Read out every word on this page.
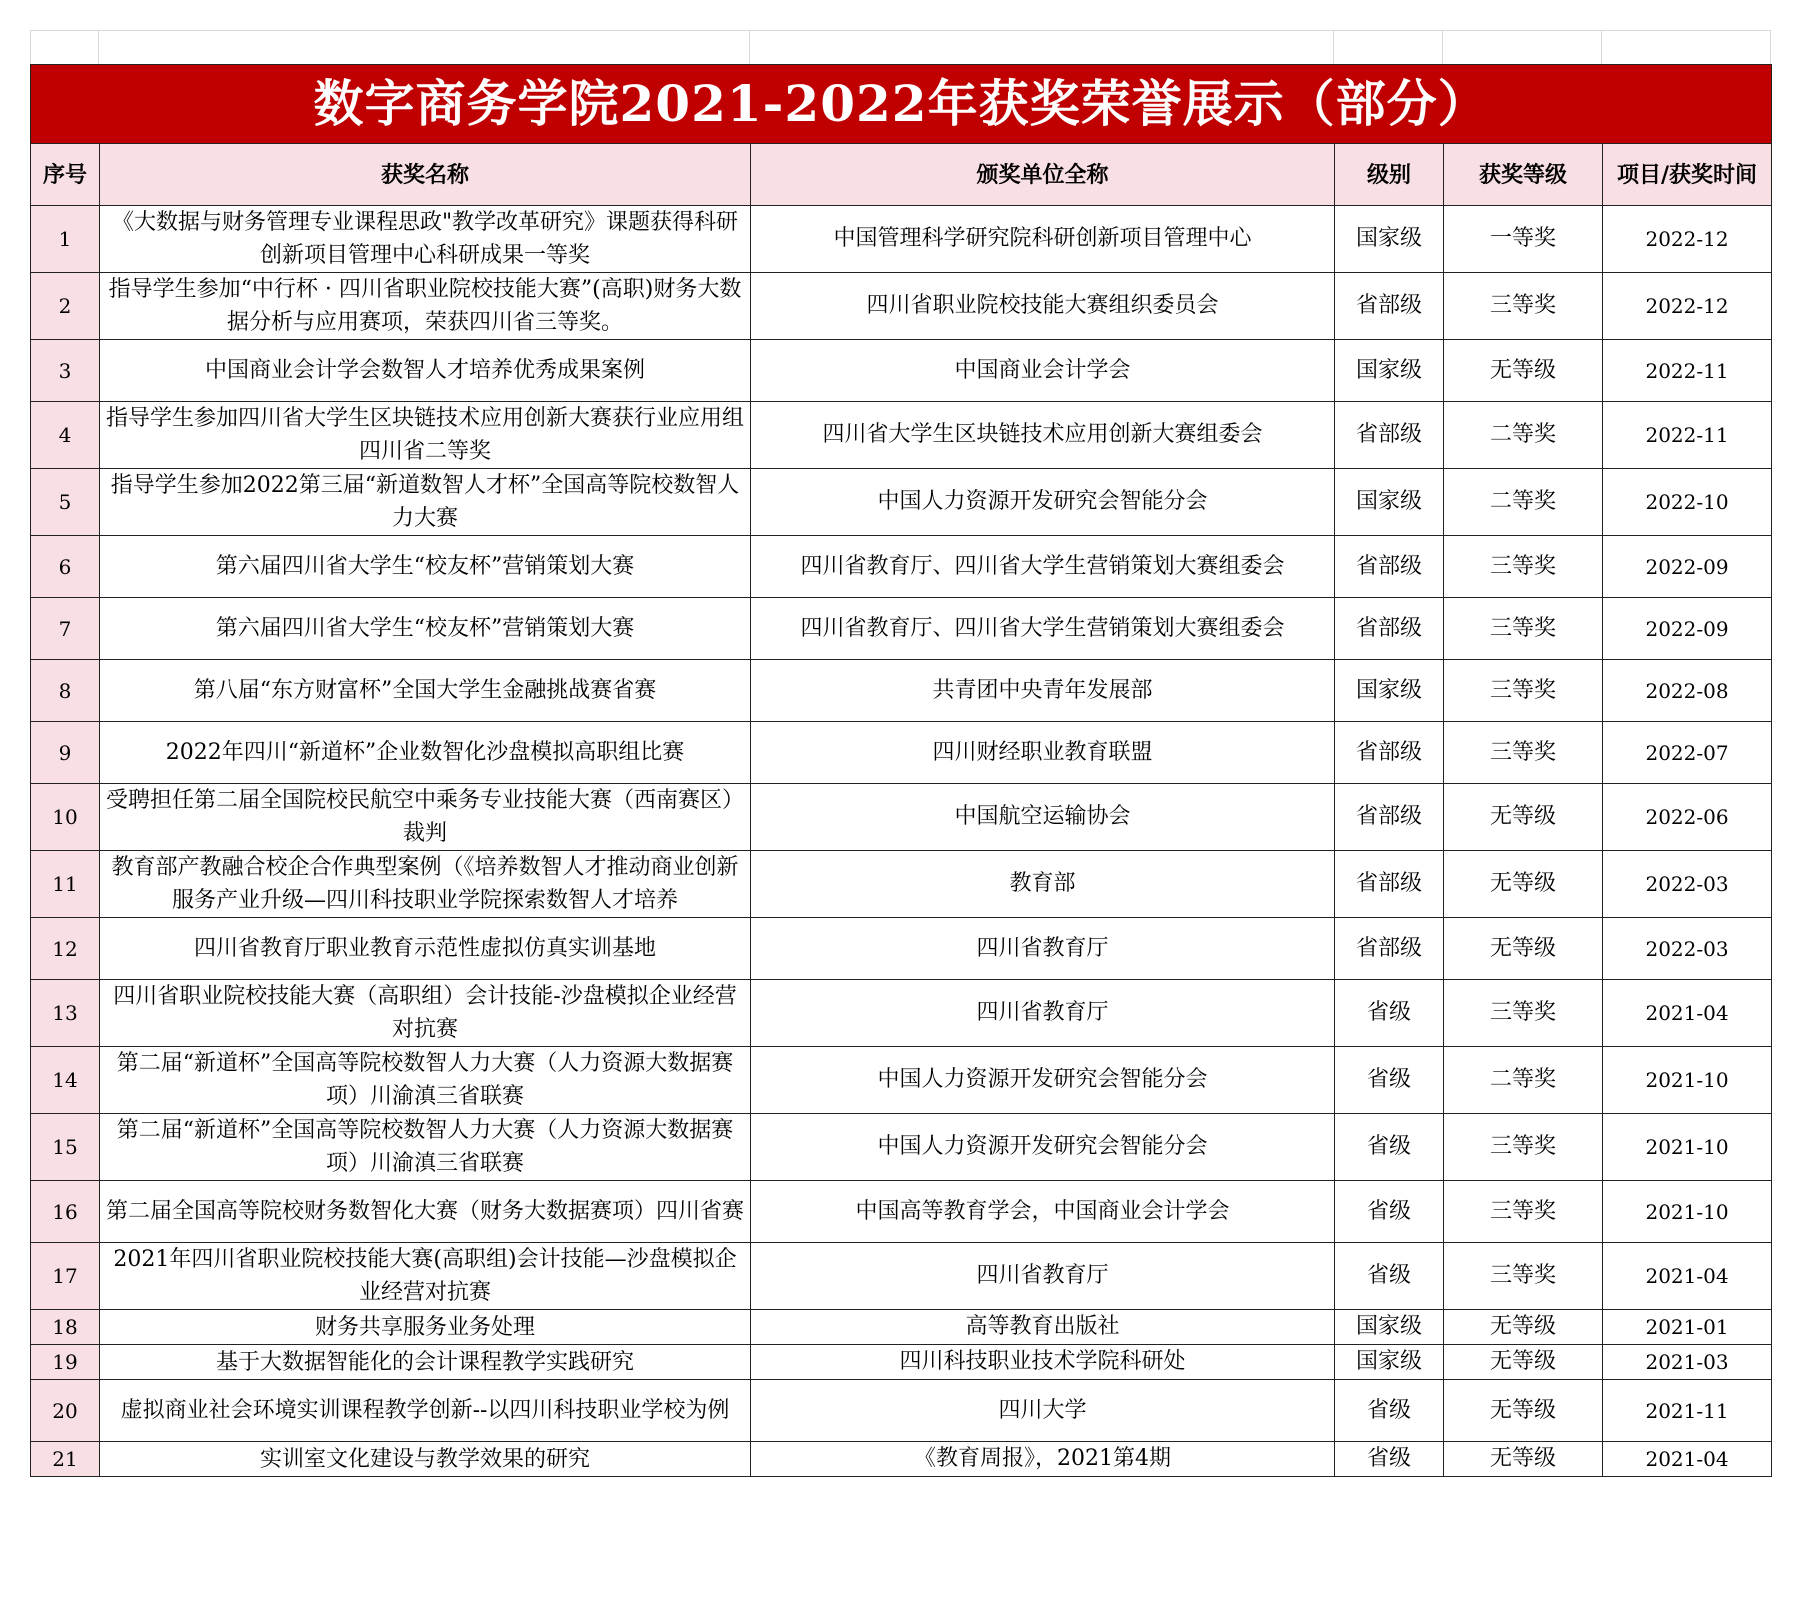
数字商务学院2021-2022年获奖荣誉展示（部分）					
序号	获奖名称	颁奖单位全称	级别	获奖等级	项目/获奖时间
1	《大数据与财务管理专业课程思政"教学改革研究》课题获得科研创新项目管理中心科研成果一等奖	中国管理科学研究院科研创新项目管理中心	国家级	一等奖	2022-12
2	指导学生参加“中行杯 · 四川省职业院校技能大赛”(高职)财务大数据分析与应用赛项，荣获四川省三等奖。	四川省职业院校技能大赛组织委员会	省部级	三等奖	2022-12
3	中国商业会计学会数智人才培养优秀成果案例	中国商业会计学会	国家级	无等级	2022-11
4	指导学生参加四川省大学生区块链技术应用创新大赛获行业应用组四川省二等奖	四川省大学生区块链技术应用创新大赛组委会	省部级	二等奖	2022-11
5	指导学生参加2022第三届“新道数智人才杯”全国高等院校数智人力大赛	中国人力资源开发研究会智能分会	国家级	二等奖	2022-10
6	第六届四川省大学生“校友杯”营销策划大赛	四川省教育厅、四川省大学生营销策划大赛组委会	省部级	三等奖	2022-09
7	第六届四川省大学生“校友杯”营销策划大赛	四川省教育厅、四川省大学生营销策划大赛组委会	省部级	三等奖	2022-09
8	第八届“东方财富杯”全国大学生金融挑战赛省赛	共青团中央青年发展部	国家级	三等奖	2022-08
9	2022年四川“新道杯”企业数智化沙盘模拟高职组比赛	四川财经职业教育联盟	省部级	三等奖	2022-07
10	受聘担任第二届全国院校民航空中乘务专业技能大赛（西南赛区）裁判	中国航空运输协会	省部级	无等级	2022-06
11	教育部产教融合校企合作典型案例（《培养数智人才推动商业创新服务产业升级—四川科技职业学院探索数智人才培养	教育部	省部级	无等级	2022-03
12	四川省教育厅职业教育示范性虚拟仿真实训基地	四川省教育厅	省部级	无等级	2022-03
13	四川省职业院校技能大赛（高职组）会计技能-沙盘模拟企业经营对抗赛	四川省教育厅	省级	三等奖	2021-04
14	第二届“新道杯”全国高等院校数智人力大赛（人力资源大数据赛项）川渝滇三省联赛	中国人力资源开发研究会智能分会	省级	二等奖	2021-10
15	第二届“新道杯”全国高等院校数智人力大赛（人力资源大数据赛项）川渝滇三省联赛	中国人力资源开发研究会智能分会	省级	三等奖	2021-10
16	第二届全国高等院校财务数智化大赛（财务大数据赛项）四川省赛	中国高等教育学会，中国商业会计学会	省级	三等奖	2021-10
17	2021年四川省职业院校技能大赛(高职组)会计技能—沙盘模拟企业经营对抗赛	四川省教育厅	省级	三等奖	2021-04
18	财务共享服务业务处理	高等教育出版社	国家级	无等级	2021-01
19	基于大数据智能化的会计课程教学实践研究	四川科技职业技术学院科研处	国家级	无等级	2021-03
20	虚拟商业社会环境实训课程教学创新--以四川科技职业学校为例	四川大学	省级	无等级	2021-11
21	实训室文化建设与教学效果的研究	《教育周报》，2021第4期	省级	无等级	2021-04
